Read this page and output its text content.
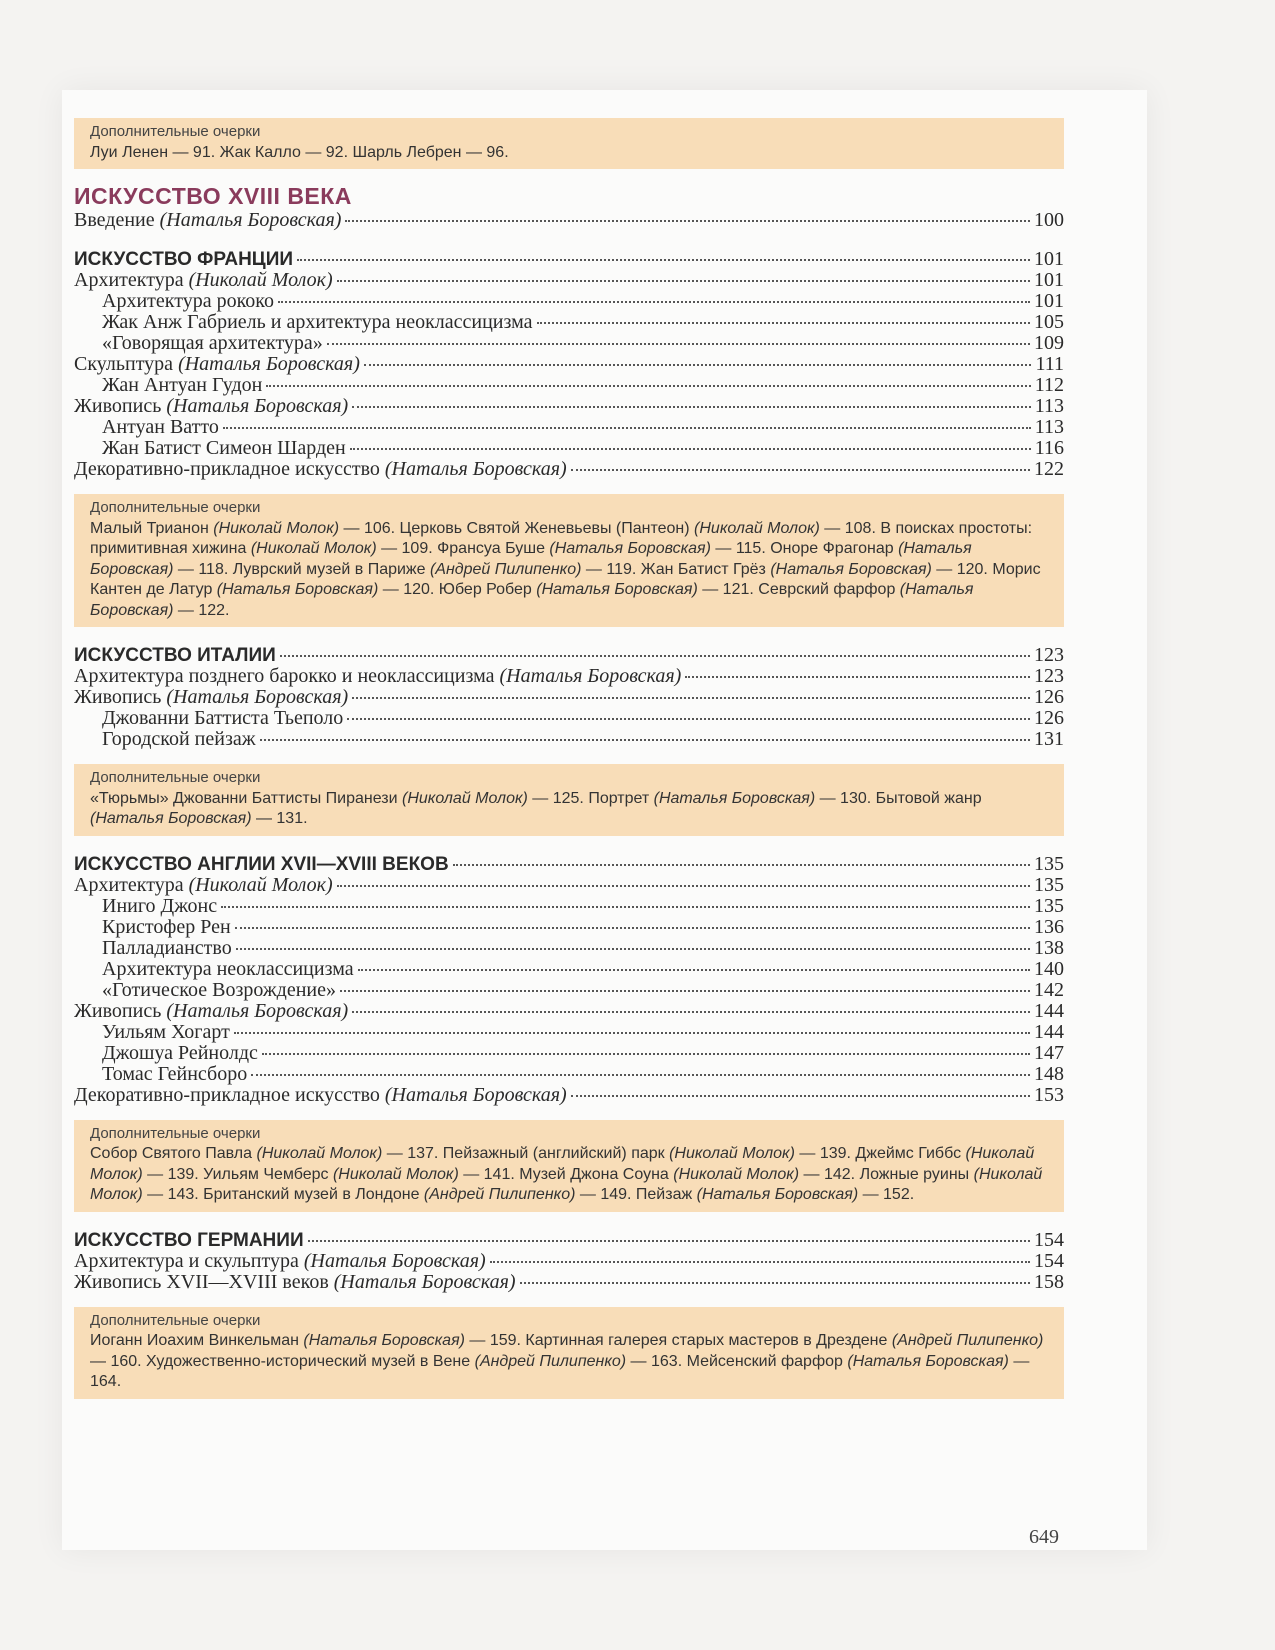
Дополнительные очерки
Луи Ленен — 91. Жак Калло — 92. Шарль Лебрен — 96.
ИСКУССТВО XVIII ВЕКА
Введение (Наталья Боровская)	100
ИСКУССТВО ФРАНЦИИ	101
Архитектура (Николай Молок)	101
Архитектура рококо	101
Жак Анж Габриель и архитектура неоклассицизма	105
«Говорящая архитектура»	109
Скульптура (Наталья Боровская)	111
Жан Антуан Гудон	112
Живопись (Наталья Боровская)	113
Антуан Ватто	113
Жан Батист Симеон Шарден	116
Декоративно-прикладное искусство (Наталья Боровская)	122
Дополнительные очерки
Малый Трианон (Николай Молок) — 106. Церковь Святой Женевьевы (Пантеон) (Николай Молок) — 108. В поисках простоты: примитивная хижина (Николай Молок) — 109. Франсуа Буше (Наталья Боровская) — 115. Оноре Фрагонар (Наталья Боровская) — 118. Луврский музей в Париже (Андрей Пилипенко) — 119. Жан Батист Грёз (Наталья Боровская) — 120. Морис Кантен де Латур (Наталья Боровская) — 120. Юбер Робер (Наталья Боровская) — 121. Севрский фарфор (Наталья Боровская) — 122.
ИСКУССТВО ИТАЛИИ	123
Архитектура позднего барокко и неоклассицизма (Наталья Боровская)	123
Живопись (Наталья Боровская)	126
Джованни Баттиста Тьеполо	126
Городской пейзаж	131
Дополнительные очерки
«Тюрьмы» Джованни Баттисты Пиранези (Николай Молок) — 125. Портрет (Наталья Боровская) — 130. Бытовой жанр (Наталья Боровская) — 131.
ИСКУССТВО АНГЛИИ XVII—XVIII ВЕКОВ	135
Архитектура (Николай Молок)	135
Иниго Джонс	135
Кристофер Рен	136
Палладианство	138
Архитектура неоклассицизма	140
«Готическое Возрождение»	142
Живопись (Наталья Боровская)	144
Уильям Хогарт	144
Джошуа Рейнолдс	147
Томас Гейнсборо	148
Декоративно-прикладное искусство (Наталья Боровская)	153
Дополнительные очерки
Собор Святого Павла (Николай Молок) — 137. Пейзажный (английский) парк (Николай Молок) — 139. Джеймс Гиббс (Николай Молок) — 139. Уильям Чемберс (Николай Молок) — 141. Музей Джона Соуна (Николай Молок) — 142. Ложные руины (Николай Молок) — 143. Британский музей в Лондоне (Андрей Пилипенко) — 149. Пейзаж (Наталья Боровская) — 152.
ИСКУССТВО ГЕРМАНИИ	154
Архитектура и скульптура (Наталья Боровская)	154
Живопись XVII—XVIII веков (Наталья Боровская)	158
Дополнительные очерки
Иоганн Иоахим Винкельман (Наталья Боровская) — 159. Картинная галерея старых мастеров в Дрездене (Андрей Пилипенко) — 160. Художественно-исторический музей в Вене (Андрей Пилипенко) — 163. Мейсенский фарфор (Наталья Боровская) — 164.
649
